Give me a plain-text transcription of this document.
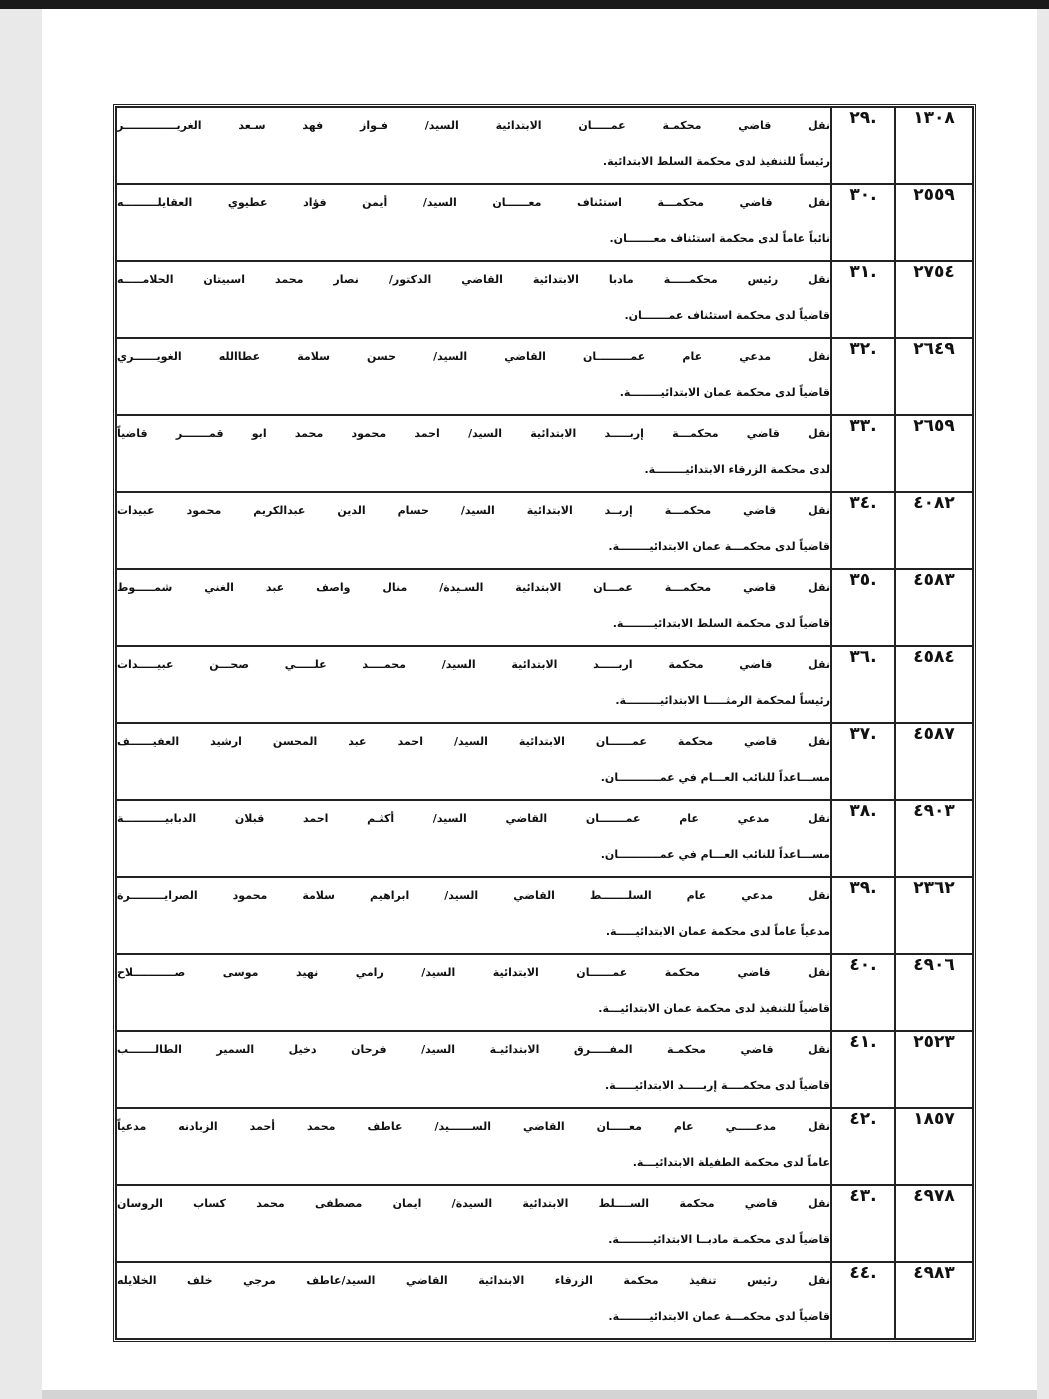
١٣٠٨	.٢٩	نقل قاضي محكمـة عمـــــان الابتدائية السيد/ فـواز فهد سـعد الغريــــــــــــــر
رئيساً للتنفيذ لدى محكمة السلط الابتدائية.

٢٥٥٩	.٣٠	نقل قاضي محكمـــة استئناف معــــــان السيد/ أيمن فؤاد عطيوي العقايلـــــــــه
نائباً عاماً لدى محكمة استئناف معـــــــان.

٢٧٥٤	.٣١	نقل رئيس محكمـــــة مادبا الابتدائية القاضي الدكتور/ نصار محمد اسبيتان الحلامـــــه
قاضياً لدى محكمة استئناف عمـــــــان.

٢٦٤٩	.٣٢	نقل مدعي عام عمـــــــــان القاضي السيد/ حسن سلامة عطاالله الغويــــــري
قاضياً لدى محكمة عمان الابتدائيــــــــة.

٢٦٥٩	.٣٣	نقل قاضي محكمـــة إربـــــد الابتدائية السيد/ احمد محمود محمد ابو قمـــــــر قاضياً
لدى محكمة الزرقاء الابتدائيــــــــة.

٤٠٨٢	.٣٤	نقل قاضي محكمـــة إربــد الابتدائية السيد/ حسام الدين عبدالكريم محمود عبيدات
قاضياً لدى محكمـــة عمان الابتدائيــــــــة.

٤٥٨٣	.٣٥	نقل قاضي محكمـــة عمـــان الابتدائية السـيدة/ منال واصف عبد الغني شمـــــوط
قاضياً لدى محكمة السلط الابتدائيــــــــة.

٤٥٨٤	.٣٦	نقل قاضي محكمة اربـــــد الابتدائية السيد/ محمــــد علـــــي صحـــن عبيـــــدات
رئيساً لمحكمة الرمثـــــا الابتدائيـــــــــة.

٤٥٨٧	.٣٧	نقل قاضي محكمة عمــــــان الابتدائية السيد/ احمد عبد المحسن ارشيد العفيــــــف
مســـاعداً للنائب العـــام في عمـــــــــــان.

٤٩٠٣	.٣٨	نقل مدعي عام عمـــــــان القاضي السيد/ أكثـم احمد قبلان الدبابيـــــــــــة
مســـاعداً للنائب العـــام في عمـــــــــــان.

٢٣٦٢	.٣٩	نقل مدعي عام السلـــــــط القاضي السيد/ ابراهيم سلامة محمود الصرايـــــــــرة
مدعياً عاماً لدى محكمة عمان الابتدائيـــــة.

٤٩٠٦	.٤٠	نقل قاضي محكمة عمــــــان الابتدائية السيد/ رامي نهيد موسى صـــــــــــلاح
قاضياً للتنفيذ لدى محكمة عمان الابتدائيـــة.

٢٥٢٣	.٤١	نقل قاضي محكمـة المفـــــرق الابتدائيـة السيد/ فرحان دخيل السمير الطالـــــــب
قاضياً لدى محكمــــة إربـــــد الابتدائيـــــة.

١٨٥٧	.٤٢	نقل مدعـــــي عام معـــــان القاضي الســــــيد/ عاطف محمد أحمد الزبادنه مدعياً
عاماً لدى محكمة الطفيلة الابتدائيـــة.

٤٩٧٨	.٤٣	نقل قاضي محكمة الســــلط الابتدائية السيدة/ ايمان مصطفى محمد كساب الروسان
قاضياً لدى محكمـة مادبــا الابتدائيـــــــــة.

٤٩٨٣	.٤٤	نقل رئيس تنفيذ محكمة الزرقاء الابتدائية القاضي السيد/عاطف مرجي خلف الخلايله
قاضياً لدى محكمـــة عمان الابتدائيــــــــة.
